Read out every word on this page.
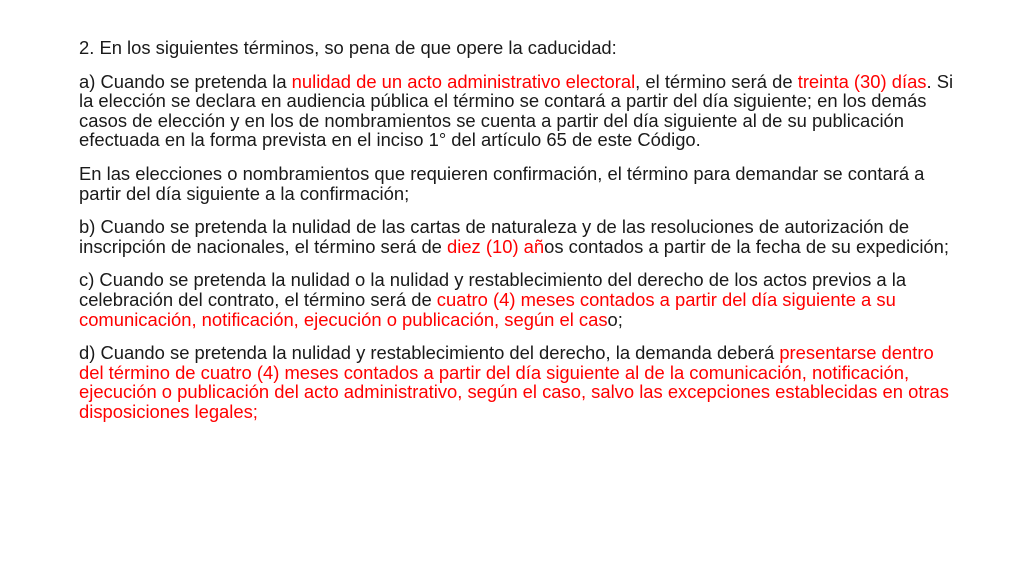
2. En los siguientes términos, so pena de que opere la caducidad:

a) Cuando se pretenda la nulidad de un acto administrativo electoral, el término será de treinta (30) días. Si la elección se declara en audiencia pública el término se contará a partir del día siguiente; en los demás casos de elección y en los de nombramientos se cuenta a partir del día siguiente al de su publicación efectuada en la forma prevista en el inciso 1° del artículo 65 de este Código.

En las elecciones o nombramientos que requieren confirmación, el término para demandar se contará a partir del día siguiente a la confirmación;

b) Cuando se pretenda la nulidad de las cartas de naturaleza y de las resoluciones de autorización de inscripción de nacionales, el término será de diez (10) años contados a partir de la fecha de su expedición;

c) Cuando se pretenda la nulidad o la nulidad y restablecimiento del derecho de los actos previos a la celebración del contrato, el término será de cuatro (4) meses contados a partir del día siguiente a su comunicación, notificación, ejecución o publicación, según el caso;

d) Cuando se pretenda la nulidad y restablecimiento del derecho, la demanda deberá presentarse dentro del término de cuatro (4) meses contados a partir del día siguiente al de la comunicación, notificación, ejecución o publicación del acto administrativo, según el caso, salvo las excepciones establecidas en otras disposiciones legales;
